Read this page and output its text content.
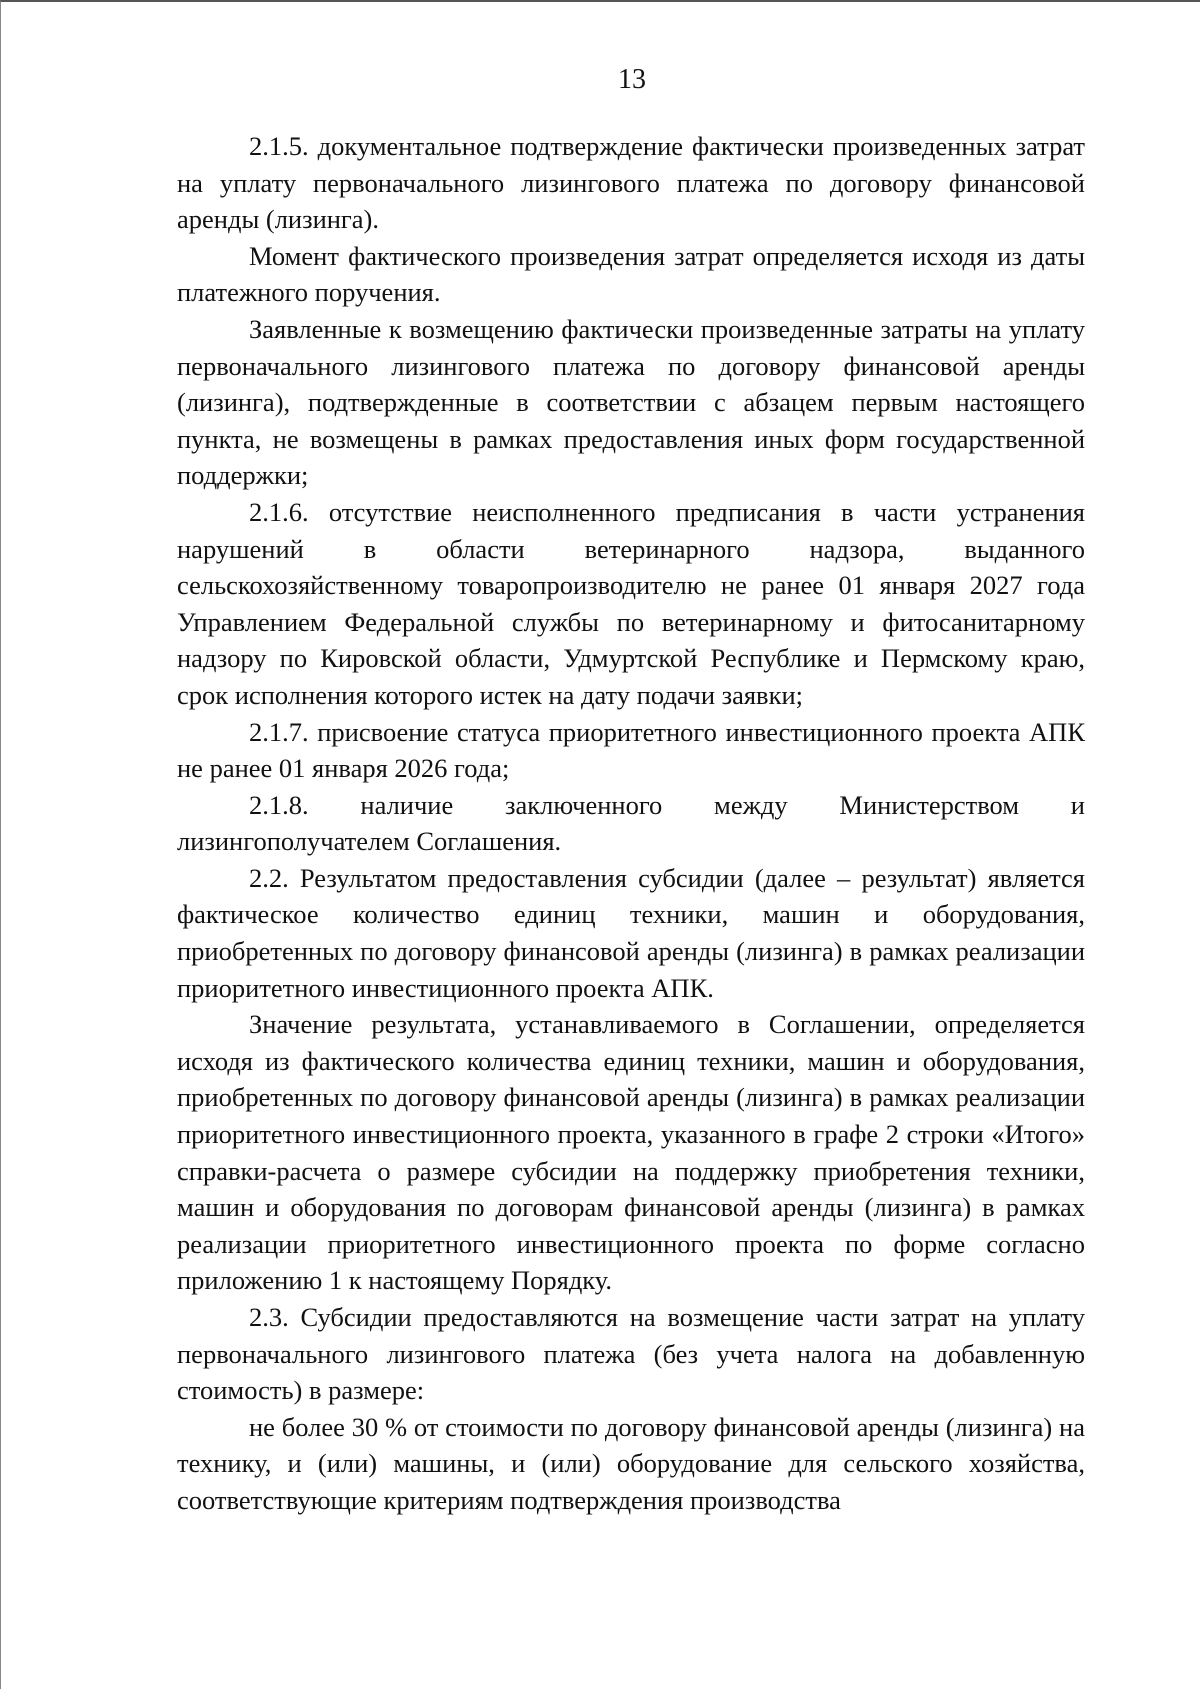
13

2.1.5. документальное подтверждение фактически произведенных затрат на уплату первоначального лизингового платежа по договору финансовой аренды (лизинга).

Момент фактического произведения затрат определяется исходя из даты платежного поручения.

Заявленные к возмещению фактически произведенные затраты на уплату первоначального лизингового платежа по договору финансовой аренды (лизинга), подтвержденные в соответствии с абзацем первым настоящего пункта, не возмещены в рамках предоставления иных форм государственной поддержки;

2.1.6. отсутствие неисполненного предписания в части устранения нарушений в области ветеринарного надзора, выданного сельскохозяйственному товаропроизводителю не ранее 01 января 2027 года Управлением Федеральной службы по ветеринарному и фитосанитарному надзору по Кировской области, Удмуртской Республике и Пермскому краю, срок исполнения которого истек на дату подачи заявки;

2.1.7. присвоение статуса приоритетного инвестиционного проекта АПК не ранее 01 января 2026 года;

2.1.8. наличие заключенного между Министерством и лизингополучателем Соглашения.

2.2. Результатом предоставления субсидии (далее – результат) является фактическое количество единиц техники, машин и оборудования, приобретенных по договору финансовой аренды (лизинга) в рамках реализации приоритетного инвестиционного проекта АПК.

Значение результата, устанавливаемого в Соглашении, определяется исходя из фактического количества единиц техники, машин и оборудования, приобретенных по договору финансовой аренды (лизинга) в рамках реализации приоритетного инвестиционного проекта, указанного в графе 2 строки «Итого» справки-расчета о размере субсидии на поддержку приобретения техники, машин и оборудования по договорам финансовой аренды (лизинга) в рамках реализации приоритетного инвестиционного проекта по форме согласно приложению 1 к настоящему Порядку.

2.3. Субсидии предоставляются на возмещение части затрат на уплату первоначального лизингового платежа (без учета налога на добавленную стоимость) в размере:

не более 30 % от стоимости по договору финансовой аренды (лизинга) на технику, и (или) машины, и (или) оборудование для сельского хозяйства, соответствующие критериям подтверждения производства
